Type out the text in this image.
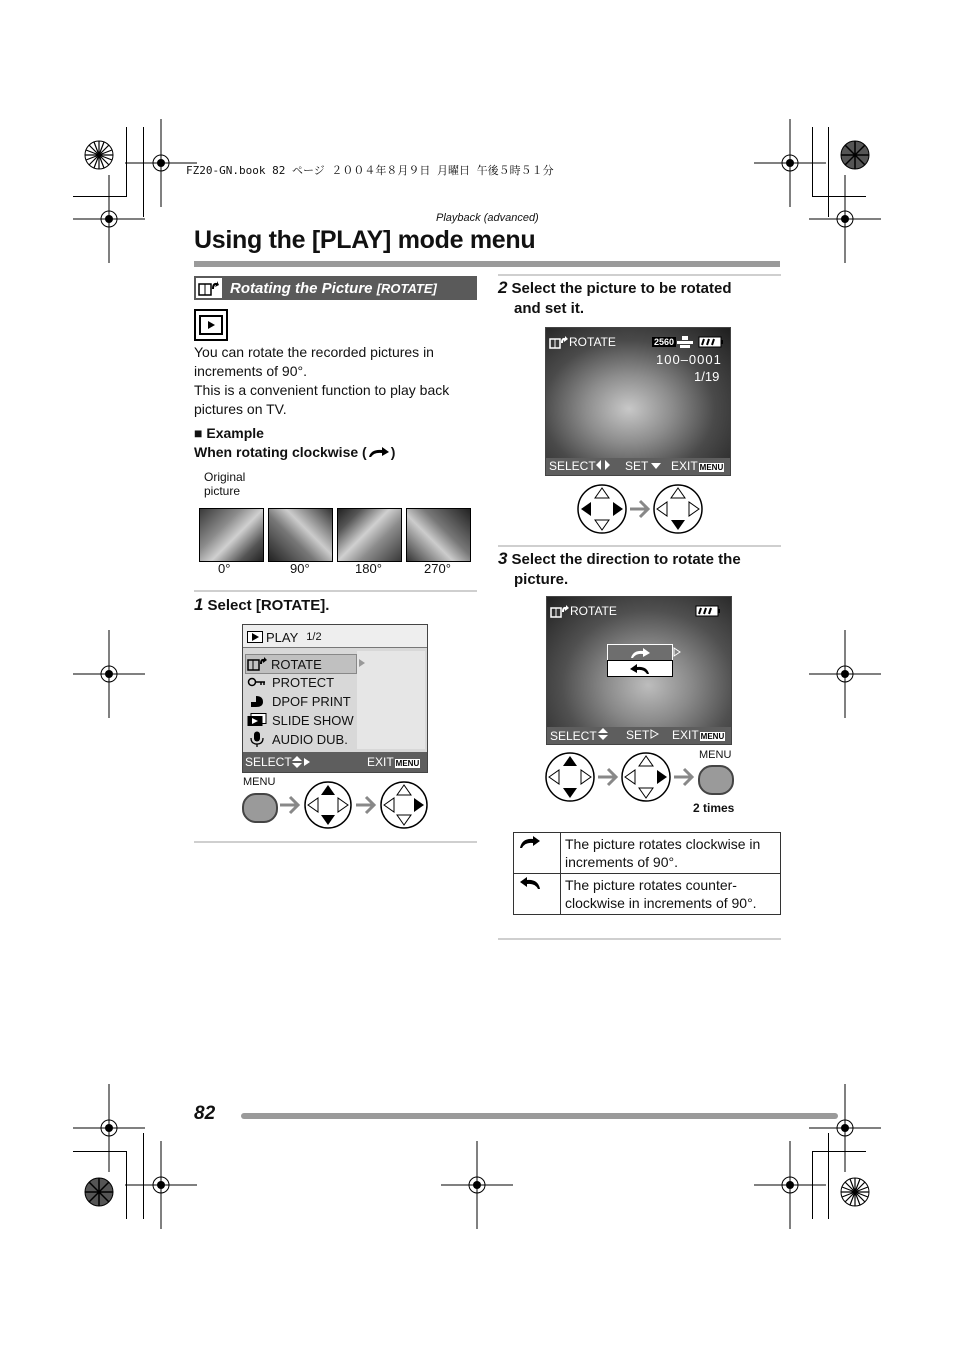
FZ20-GN.book 82 ページ ２００４年８月９日 月曜日 午後５時５１分
Playback (advanced)
Using the [PLAY] mode menu
Rotating the Picture [ROTATE]
You can rotate the recorded pictures in increments of 90°.
This is a convenient function to play back pictures on TV.
■ Example
When rotating clockwise ( )
Original
picture
0°	90°	180°	270°
1 Select [ROTATE].
PLAY 1/2
ROTATE
PROTECT
DPOF PRINT
SLIDE SHOW
AUDIO DUB.
SELECT	EXIT MENU
MENU
2 Select the picture to be rotated
and set it.
ROTATE	2560
100–0001
1/19
SELECT	SET	EXIT MENU
3 Select the direction to rotate the
picture.
ROTATE
SELECT	SET	EXIT MENU
MENU
2 times
	The picture rotates clockwise in increments of 90°.
	The picture rotates counter-clockwise in increments of 90°.
82
